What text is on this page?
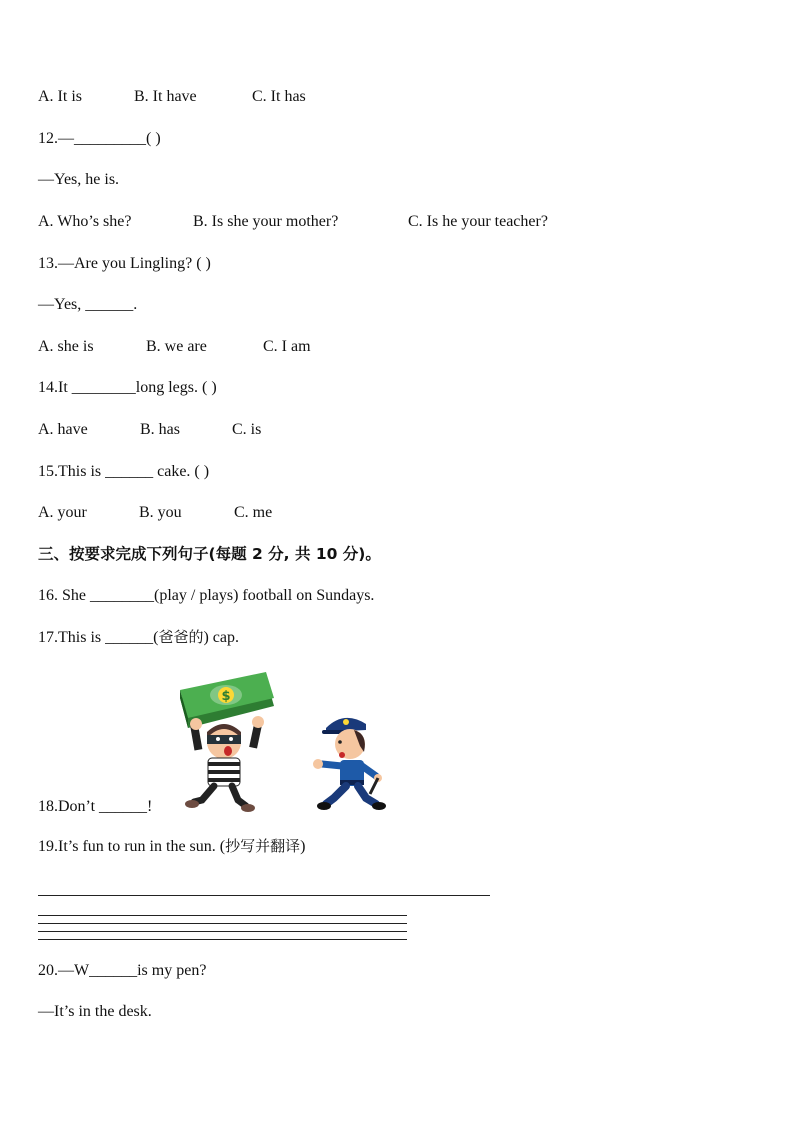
A. It is	B. It have	C. It has
12.—_________( )
—Yes, he is.
A. Who’s she?	B. Is she your mother?	C. Is he your teacher?
13.—Are you Lingling? ( )
—Yes, ______.
A. she is	B. we are	C. I am
14.It ________long legs. ( )
A. have	B. has	C. is
15.This is ______ cake. ( )
A. your	B. you	C. me
三、按要求完成下列句子(每题 2 分, 共 10 分)。
16. She ________(play / plays) football on Sundays.
17.This is ______(爸爸的) cap.
$
18.Don’t ______!
19.It’s fun to run in the sun. (抄写并翻译)
20.—W______is my pen?
—It’s in the desk.
